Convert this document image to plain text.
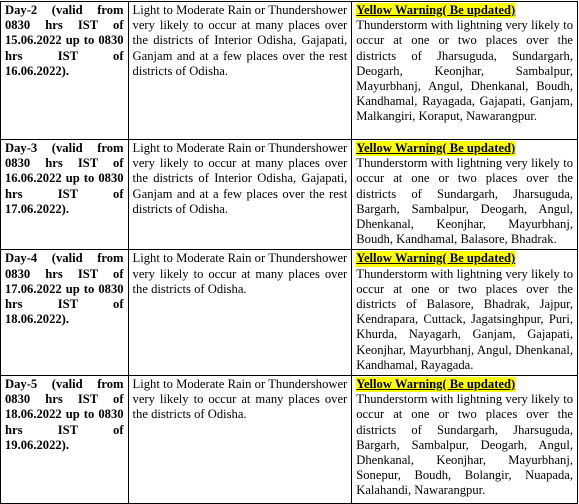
Day-2 (valid from 0830 hrs IST of 15.06.2022 up to 0830 hrs IST of 16.06.2022).	Light to Moderate Rain or Thundershower very likely to occur at many places over the districts of Interior Odisha, Gajapati, Ganjam and at a few places over the rest districts of Odisha.	Yellow Warning( Be updated)
Thunderstorm with lightning very likely to occur at one or two places over the districts of Jharsuguda, Sundargarh, Deogarh, Keonjhar, Sambalpur, Mayurbhanj, Angul, Dhenkanal, Boudh, Kandhamal, Rayagada, Gajapati, Ganjam, Malkangiri, Koraput, Nawarangpur.

Day-3 (valid from 0830 hrs IST of 16.06.2022 up to 0830 hrs IST of 17.06.2022).	Light to Moderate Rain or Thundershower very likely to occur at many places over the districts of Interior Odisha, Gajapati, Ganjam and at a few places over the rest districts of Odisha.	Yellow Warning( Be updated)
Thunderstorm with lightning very likely to occur at one or two places over the districts of Sundargarh, Jharsuguda, Bargarh, Sambalpur, Deogarh, Angul, Dhenkanal, Keonjhar, Mayurbhanj, Boudh, Kandhamal, Balasore, Bhadrak.

Day-4 (valid from 0830 hrs IST of 17.06.2022 up to 0830 hrs IST of 18.06.2022).	Light to Moderate Rain or Thundershower very likely to occur at many places over the districts of Odisha.	Yellow Warning( Be updated)
Thunderstorm with lightning very likely to occur at one or two places over the districts of Balasore, Bhadrak, Jajpur, Kendrapara, Cuttack, Jagatsinghpur, Puri, Khurda, Nayagarh, Ganjam, Gajapati, Keonjhar, Mayurbhanj, Angul, Dhenkanal, Kandhamal, Rayagada.

Day-5 (valid from 0830 hrs IST of 18.06.2022 up to 0830 hrs IST of 19.06.2022).	Light to Moderate Rain or Thundershower very likely to occur at many places over the districts of Odisha.	Yellow Warning( Be updated)
Thunderstorm with lightning very likely to occur at one or two places over the districts of Sundargarh, Jharsuguda, Bargarh, Sambalpur, Deogarh, Angul, Dhenkanal, Keonjhar, Mayurbhanj, Sonepur, Boudh, Bolangir, Nuapada, Kalahandi, Nawarangpur.
